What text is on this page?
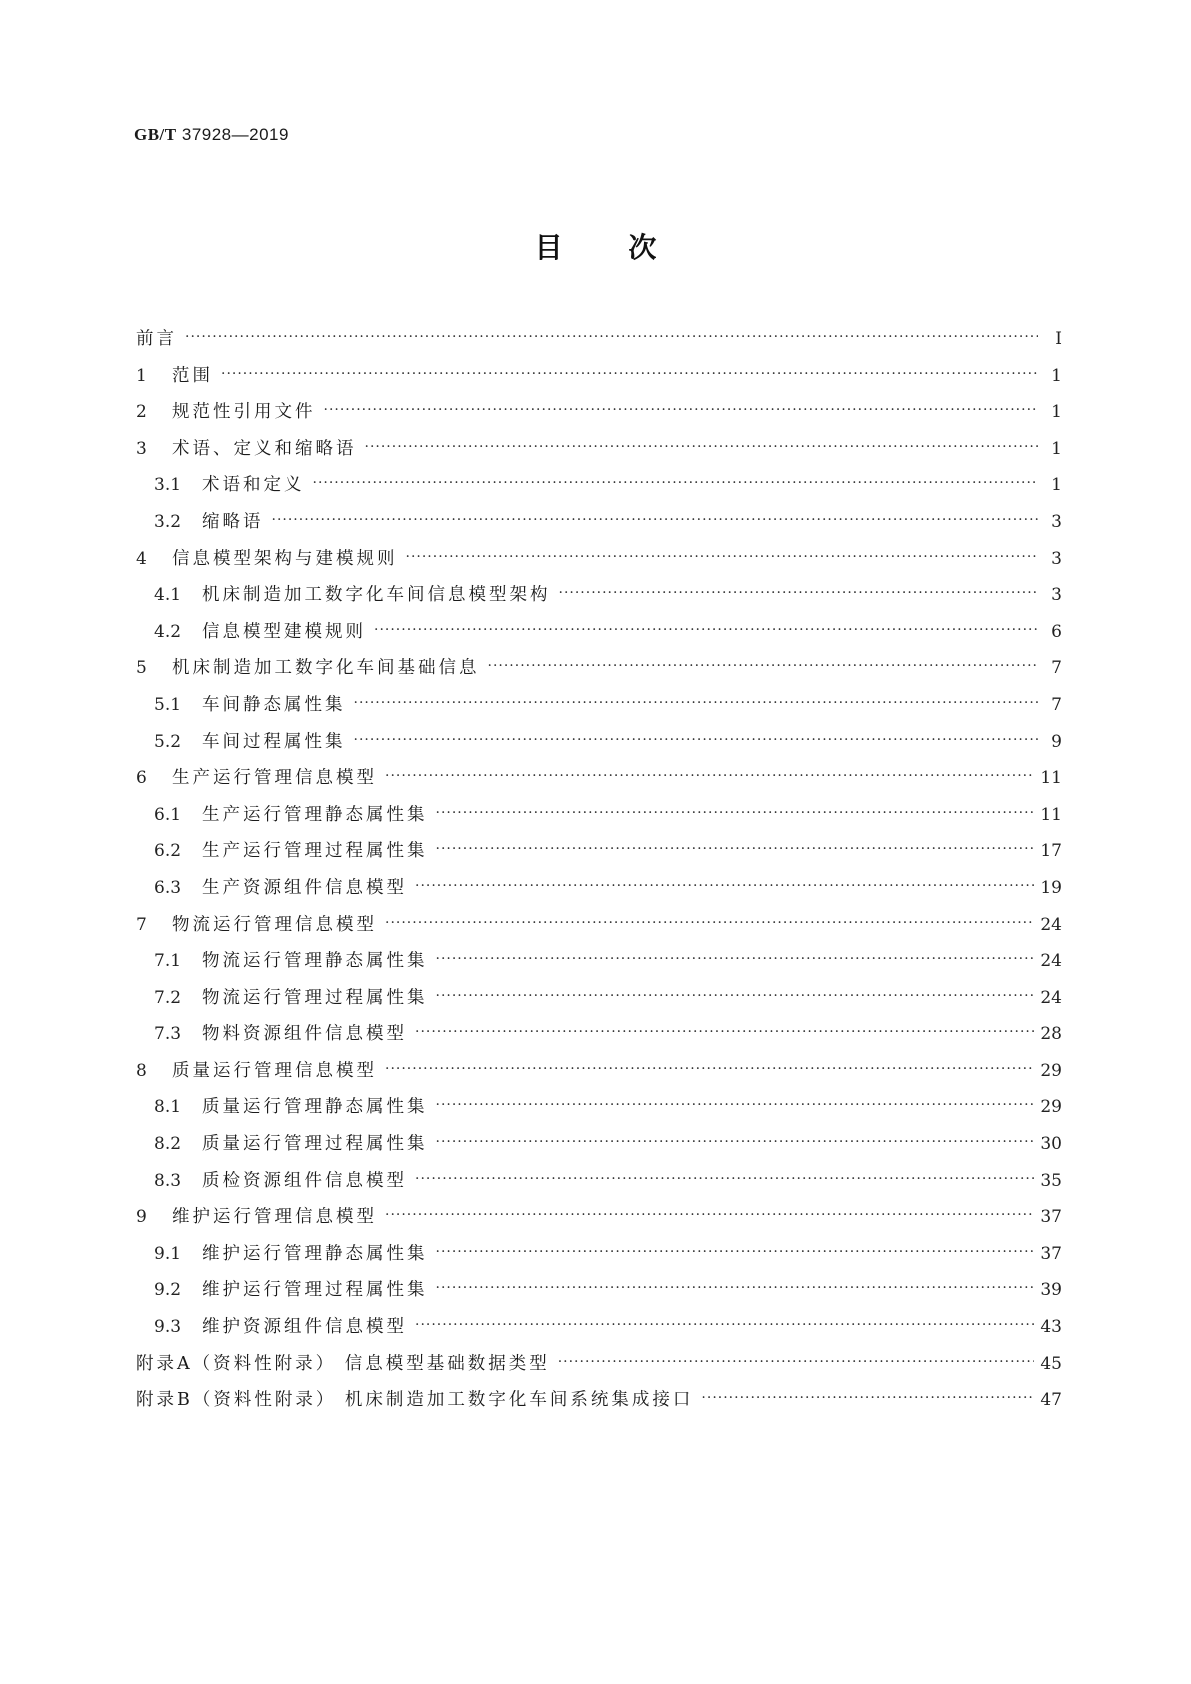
GB/T 37928—2019
目 次
前言 ·····	Ⅰ
1	范围 ·····	1
2	规范性引用文件 ·····	1
3	术语、定义和缩略语 ·····	1
3.1	术语和定义 ·····	1
3.2	缩略语 ·····	3
4	信息模型架构与建模规则 ·····	3
4.1	机床制造加工数字化车间信息模型架构 ·····	3
4.2	信息模型建模规则 ·····	6
5	机床制造加工数字化车间基础信息 ·····	7
5.1	车间静态属性集 ·····	7
5.2	车间过程属性集 ·····	9
6	生产运行管理信息模型 ·····	11
6.1	生产运行管理静态属性集 ·····	11
6.2	生产运行管理过程属性集 ·····	17
6.3	生产资源组件信息模型 ·····	19
7	物流运行管理信息模型 ·····	24
7.1	物流运行管理静态属性集 ·····	24
7.2	物流运行管理过程属性集 ·····	24
7.3	物料资源组件信息模型 ·····	28
8	质量运行管理信息模型 ·····	29
8.1	质量运行管理静态属性集 ·····	29
8.2	质量运行管理过程属性集 ·····	30
8.3	质检资源组件信息模型 ·····	35
9	维护运行管理信息模型 ·····	37
9.1	维护运行管理静态属性集 ·····	37
9.2	维护运行管理过程属性集 ·····	39
9.3	维护资源组件信息模型 ·····	43
附录A（资料性附录） 信息模型基础数据类型 ·····	45
附录B（资料性附录） 机床制造加工数字化车间系统集成接口 ·····	47
